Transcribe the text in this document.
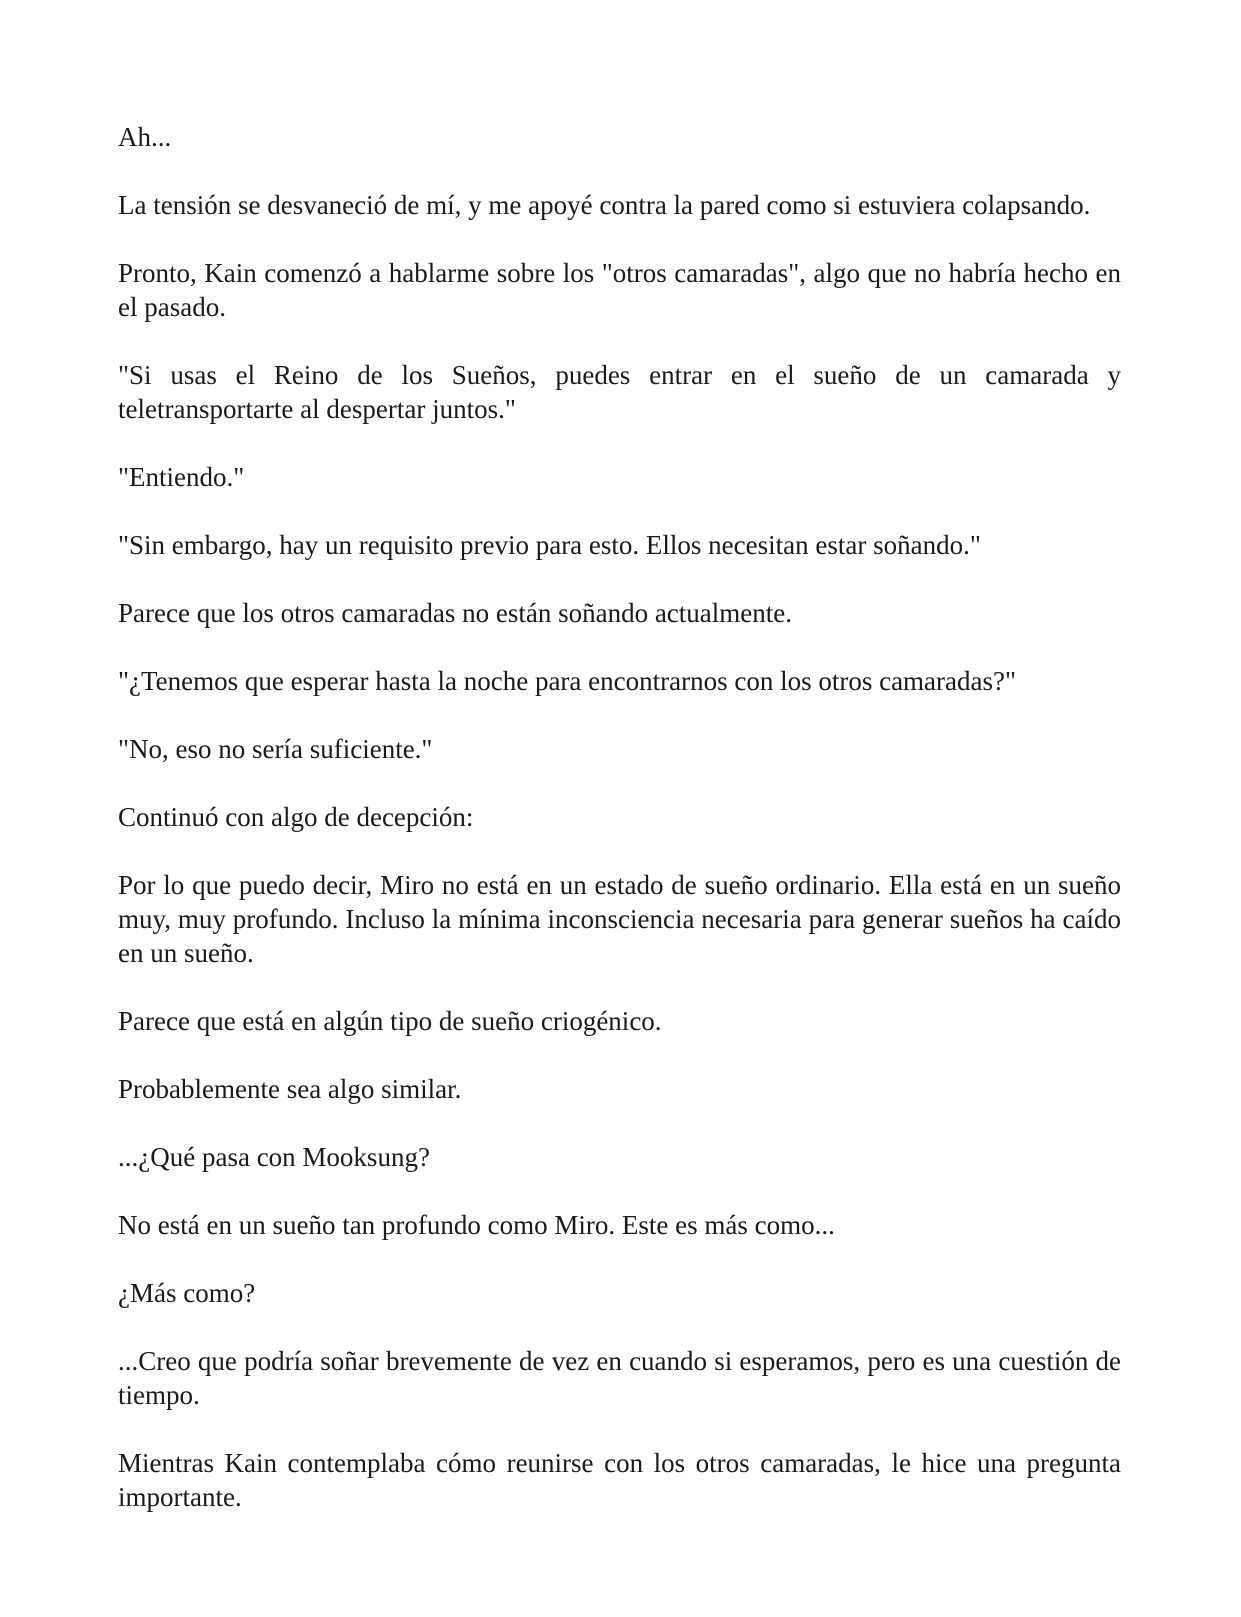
Ah...

La tensión se desvaneció de mí, y me apoyé contra la pared como si estuviera colapsando.

Pronto, Kain comenzó a hablarme sobre los "otros camaradas", algo que no habría hecho en el pasado.

"Si usas el Reino de los Sueños, puedes entrar en el sueño de un camarada y teletransportarte al despertar juntos."

"Entiendo."

"Sin embargo, hay un requisito previo para esto. Ellos necesitan estar soñando."

Parece que los otros camaradas no están soñando actualmente.

"¿Tenemos que esperar hasta la noche para encontrarnos con los otros camaradas?"

"No, eso no sería suficiente."

Continuó con algo de decepción:

Por lo que puedo decir, Miro no está en un estado de sueño ordinario. Ella está en un sueño muy, muy profundo. Incluso la mínima inconsciencia necesaria para generar sueños ha caído en un sueño.

Parece que está en algún tipo de sueño criogénico.

Probablemente sea algo similar.

...¿Qué pasa con Mooksung?

No está en un sueño tan profundo como Miro. Este es más como...

¿Más como?

...Creo que podría soñar brevemente de vez en cuando si esperamos, pero es una cuestión de tiempo.

Mientras Kain contemplaba cómo reunirse con los otros camaradas, le hice una pregunta importante.
